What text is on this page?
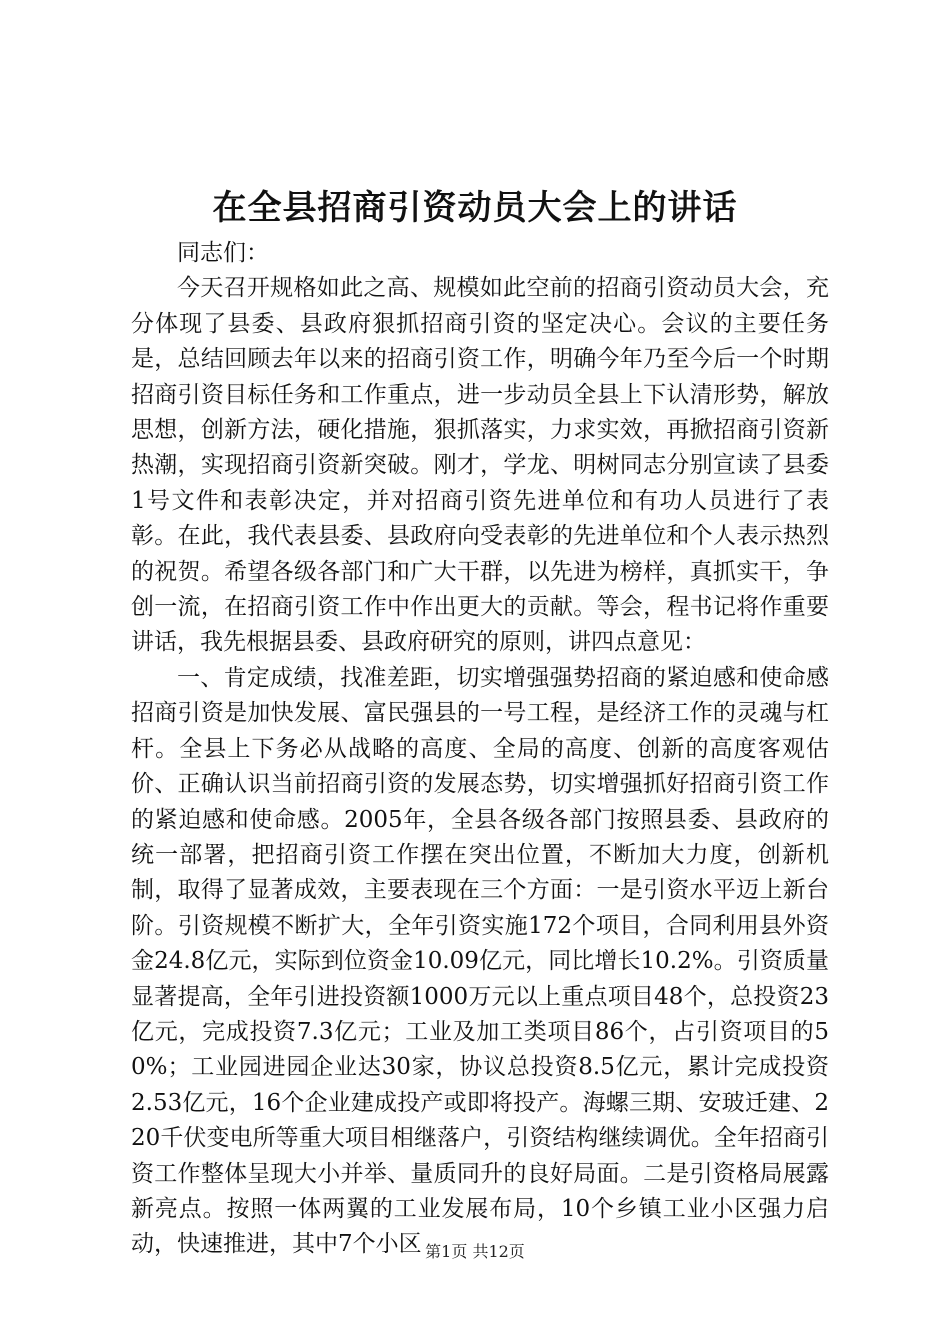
在全县招商引资动员大会上的讲话

同志们：

今天召开规格如此之高、规模如此空前的招商引资动员大会，充分体现了县委、县政府狠抓招商引资的坚定决心。会议的主要任务是，总结回顾去年以来的招商引资工作，明确今年乃至今后一个时期招商引资目标任务和工作重点，进一步动员全县上下认清形势，解放思想，创新方法，硬化措施，狠抓落实，力求实效，再掀招商引资新热潮，实现招商引资新突破。刚才，学龙、明树同志分别宣读了县委1号文件和表彰决定，并对招商引资先进单位和有功人员进行了表彰。在此，我代表县委、县政府向受表彰的先进单位和个人表示热烈的祝贺。希望各级各部门和广大干群，以先进为榜样，真抓实干，争创一流，在招商引资工作中作出更大的贡献。等会，程书记将作重要讲话，我先根据县委、县政府研究的原则，讲四点意见：

一、肯定成绩，找准差距，切实增强强势招商的紧迫感和使命感招商引资是加快发展、富民强县的一号工程，是经济工作的灵魂与杠杆。全县上下务必从战略的高度、全局的高度、创新的高度客观估价、正确认识当前招商引资的发展态势，切实增强抓好招商引资工作的紧迫感和使命感。2005年，全县各级各部门按照县委、县政府的统一部署，把招商引资工作摆在突出位置，不断加大力度，创新机制，取得了显著成效，主要表现在三个方面：一是引资水平迈上新台阶。引资规模不断扩大，全年引资实施172个项目，合同利用县外资金24.8亿元，实际到位资金10.09亿元，同比增长10.2%。引资质量显著提高，全年引进投资额1000万元以上重点项目48个，总投资23亿元，完成投资7.3亿元；工业及加工类项目86个，占引资项目的50%；工业园进园企业达30家，协议总投资8.5亿元，累计完成投资2.53亿元，16个企业建成投产或即将投产。海螺三期、安玻迁建、220千伏变电所等重大项目相继落户，引资结构继续调优。全年招商引资工作整体呈现大小并举、量质同升的良好局面。二是引资格局展露新亮点。按照一体两翼的工业发展布局，10个乡镇工业小区强力启动，快速推进，其中7个小区 第1页 共12页
